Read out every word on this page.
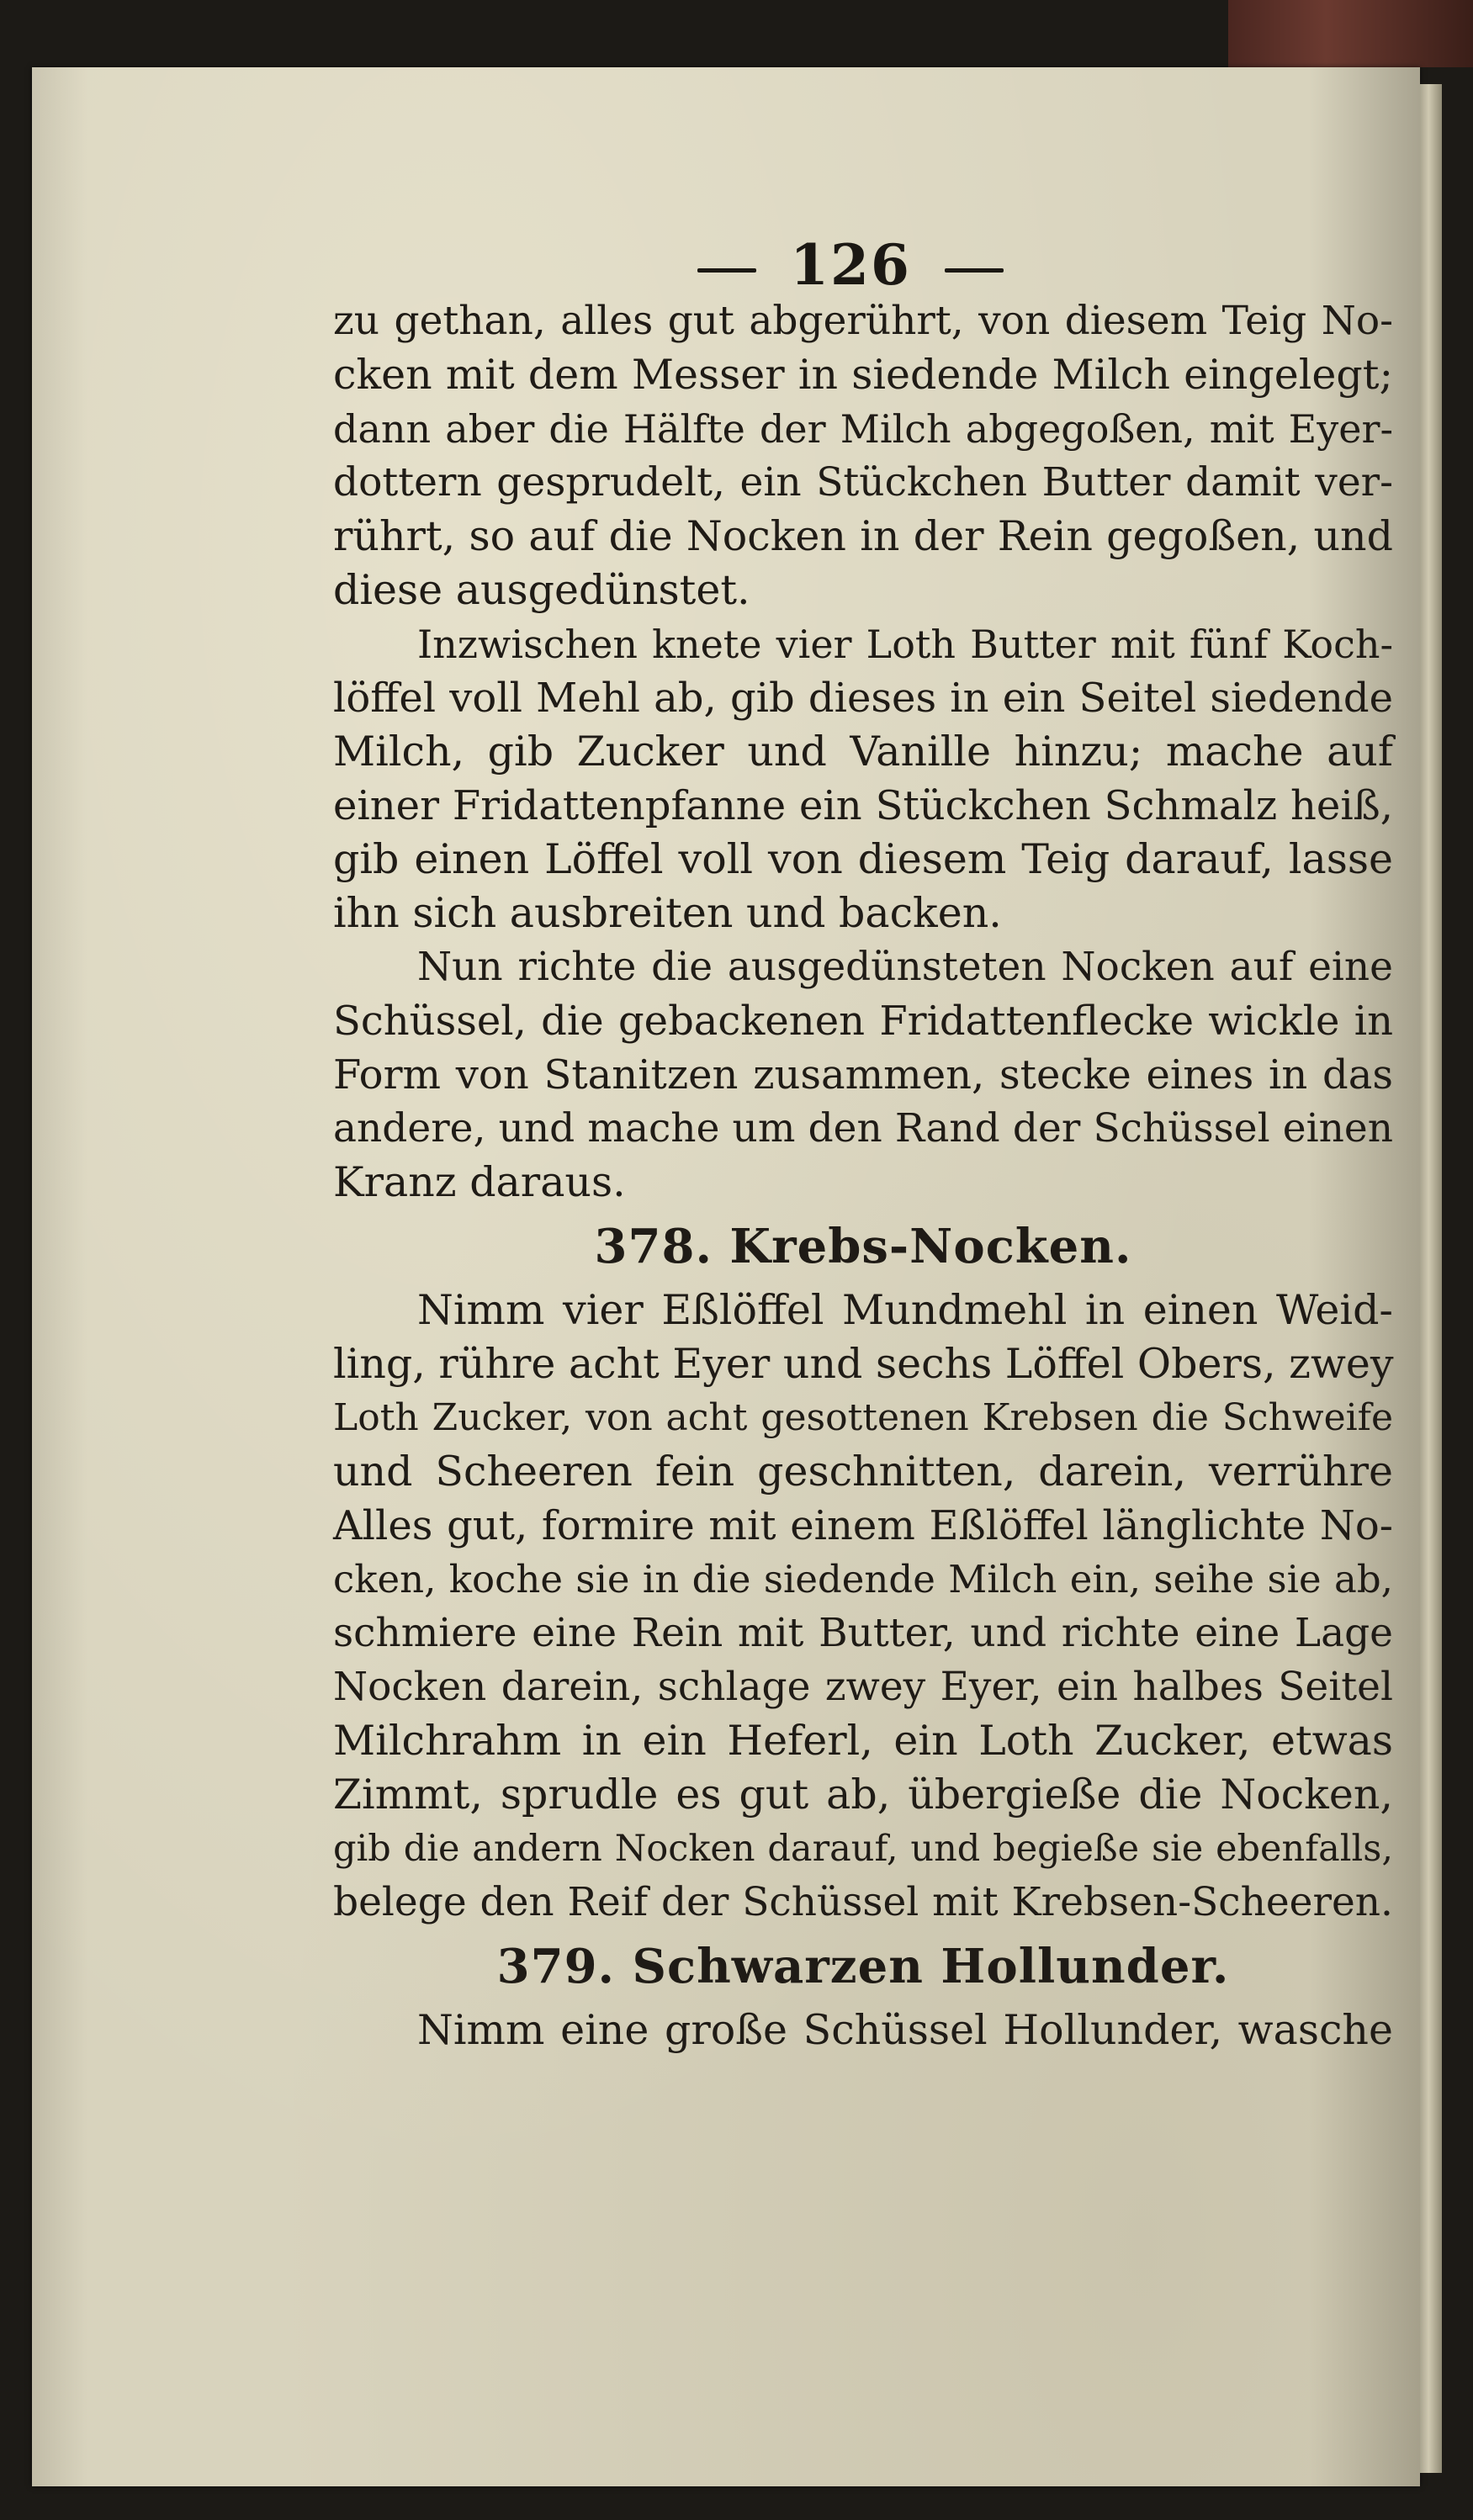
126
zu gethan, alles gut abgerührt, von diesem Teig No-
cken mit dem Messer in siedende Milch eingelegt;
dann aber die Hälfte der Milch abgegoßen, mit Eyer-
dottern gesprudelt, ein Stückchen Butter damit ver-
rührt, so auf die Nocken in der Rein gegoßen, und
diese ausgedünstet.
Inzwischen knete vier Loth Butter mit fünf Koch-
löffel voll Mehl ab, gib dieses in ein Seitel siedende
Milch, gib Zucker und Vanille hinzu; mache auf
einer Fridattenpfanne ein Stückchen Schmalz heiß,
gib einen Löffel voll von diesem Teig darauf, lasse
ihn sich ausbreiten und backen.
Nun richte die ausgedünsteten Nocken auf eine
Schüssel, die gebackenen Fridattenflecke wickle in
Form von Stanitzen zusammen, stecke eines in das
andere, und mache um den Rand der Schüssel einen
Kranz daraus.
378. Krebs-Nocken.
Nimm vier Eßlöffel Mundmehl in einen Weid-
ling, rühre acht Eyer und sechs Löffel Obers, zwey
Loth Zucker, von acht gesottenen Krebsen die Schweife
und Scheeren fein geschnitten, darein, verrühre
Alles gut, formire mit einem Eßlöffel länglichte No-
cken, koche sie in die siedende Milch ein, seihe sie ab,
schmiere eine Rein mit Butter, und richte eine Lage
Nocken darein, schlage zwey Eyer, ein halbes Seitel
Milchrahm in ein Heferl, ein Loth Zucker, etwas
Zimmt, sprudle es gut ab, übergieße die Nocken,
gib die andern Nocken darauf, und begieße sie ebenfalls,
belege den Reif der Schüssel mit Krebsen-Scheeren.
379. Schwarzen Hollunder.
Nimm eine große Schüssel Hollunder, wasche
